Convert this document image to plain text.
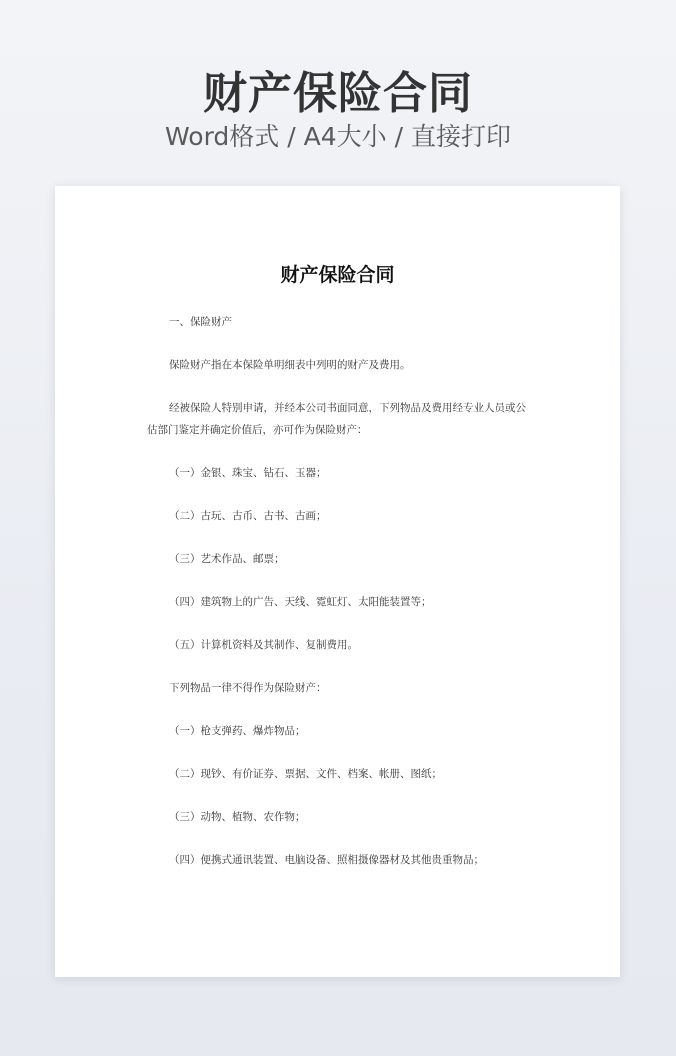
财产保险合同
Word格式 / A4大小 / 直接打印
财产保险合同
一、保险财产
保险财产指在本保险单明细表中列明的财产及费用。
经被保险人特别申请，并经本公司书面同意，下列物品及费用经专业人员或公估部门鉴定并确定价值后，亦可作为保险财产：
（一）金银、珠宝、钻石、玉器；
（二）古玩、古币、古书、古画；
（三）艺术作品、邮票；
（四）建筑物上的广告、天线、霓虹灯、太阳能装置等；
（五）计算机资料及其制作、复制费用。
下列物品一律不得作为保险财产：
（一）枪支弹药、爆炸物品；
（二）现钞、有价证券、票据、文件、档案、帐册、图纸；
（三）动物、植物、农作物；
（四）便携式通讯装置、电脑设备、照相摄像器材及其他贵重物品；
